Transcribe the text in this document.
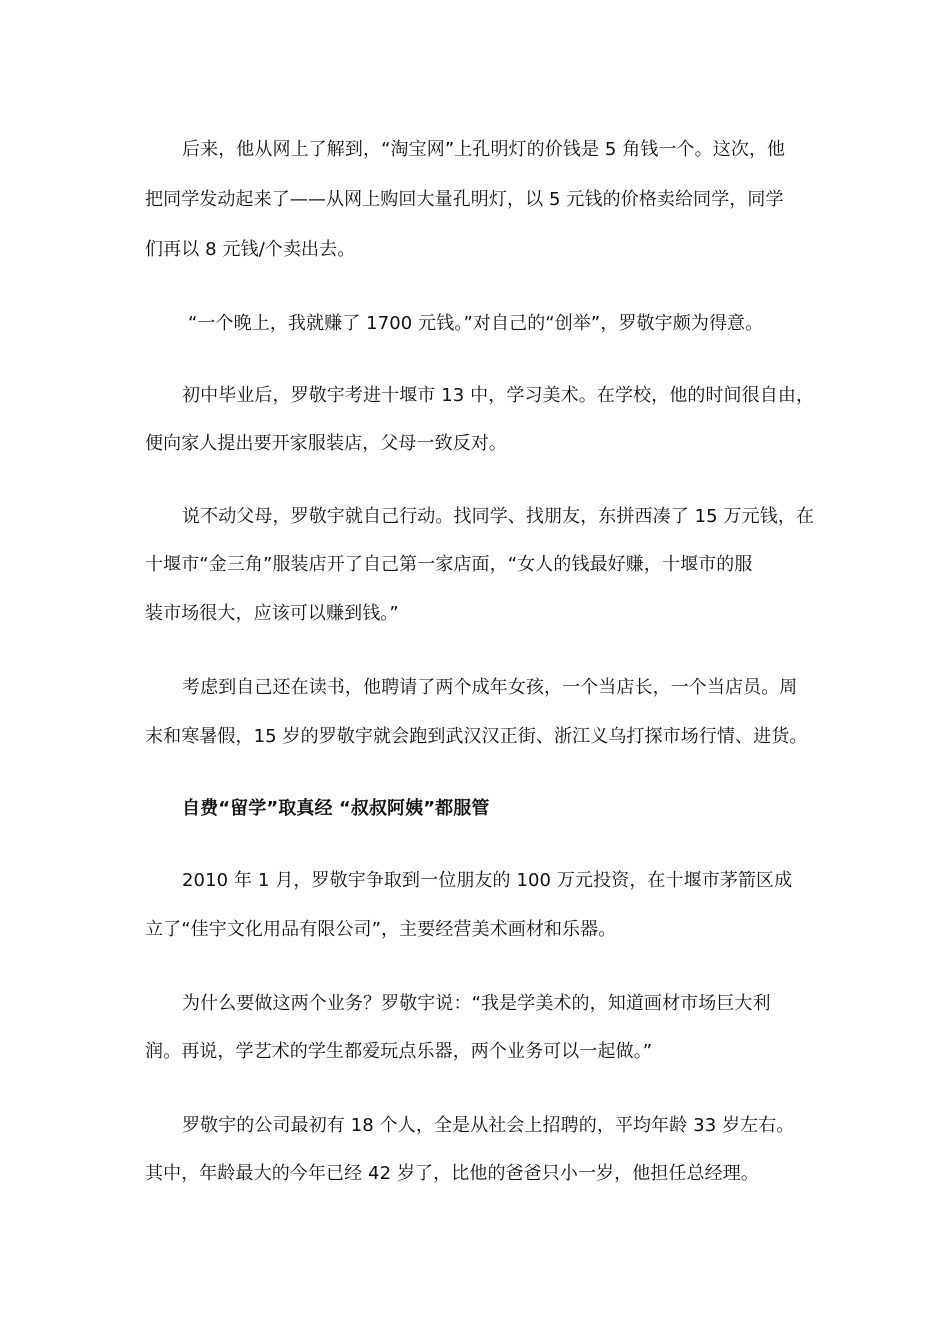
后来，他从网上了解到，“淘宝网”上孔明灯的价钱是 5 角钱一个。这次，他
把同学发动起来了——从网上购回大量孔明灯，以 5 元钱的价格卖给同学，同学
们再以 8 元钱/个卖出去。
“一个晚上，我就赚了 1700 元钱。”对自己的“创举”，罗敬宇颇为得意。
初中毕业后，罗敬宇考进十堰市 13 中，学习美术。在学校，他的时间很自由，
便向家人提出要开家服装店，父母一致反对。
说不动父母，罗敬宇就自己行动。找同学、找朋友，东拼西凑了 15 万元钱，在
十堰市“金三角”服装店开了自己第一家店面，“女人的钱最好赚，十堰市的服
装市场很大，应该可以赚到钱。”
考虑到自己还在读书，他聘请了两个成年女孩，一个当店长，一个当店员。周
末和寒暑假，15 岁的罗敬宇就会跑到武汉汉正街、浙江义乌打探市场行情、进货。
自费“留学”取真经 “叔叔阿姨”都服管
2010 年 1 月，罗敬宇争取到一位朋友的 100 万元投资，在十堰市茅箭区成
立了“佳宇文化用品有限公司”，主要经营美术画材和乐器。
为什么要做这两个业务？罗敬宇说：“我是学美术的，知道画材市场巨大利
润。再说，学艺术的学生都爱玩点乐器，两个业务可以一起做。”
罗敬宇的公司最初有 18 个人，全是从社会上招聘的，平均年龄 33 岁左右。
其中，年龄最大的今年已经 42 岁了，比他的爸爸只小一岁，他担任总经理。
